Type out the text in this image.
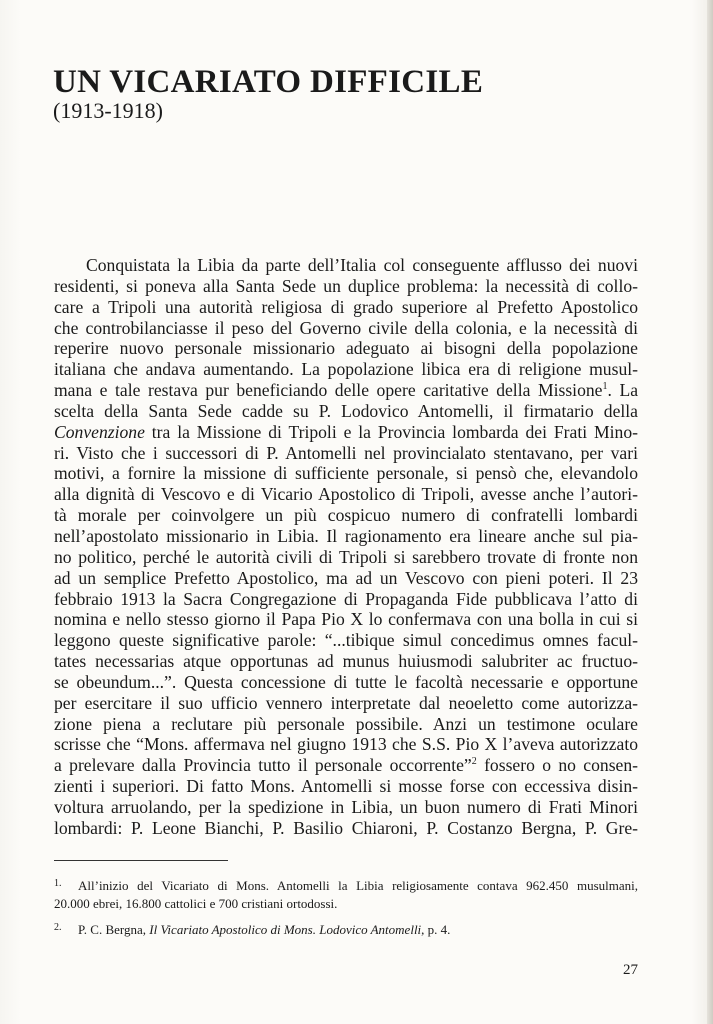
UN VICARIATO DIFFICILE
(1913-1918)
Conquistata la Libia da parte dell’Italia col conseguente afflusso dei nuovi
residenti, si poneva alla Santa Sede un duplice problema: la necessità di collo-
care a Tripoli una autorità religiosa di grado superiore al Prefetto Apostolico
che controbilanciasse il peso del Governo civile della colonia, e la necessità di
reperire nuovo personale missionario adeguato ai bisogni della popolazione
italiana che andava aumentando. La popolazione libica era di religione musul-
mana e tale restava pur beneficiando delle opere caritative della Missione$^1$. La
scelta della Santa Sede cadde su P. Lodovico Antomelli, il firmatario della
Convenzione tra la Missione di Tripoli e la Provincia lombarda dei Frati Mino-
ri. Visto che i successori di P. Antomelli nel provincialato stentavano, per vari
motivi, a fornire la missione di sufficiente personale, si pensò che, elevandolo
alla dignità di Vescovo e di Vicario Apostolico di Tripoli, avesse anche l’autori-
tà morale per coinvolgere un più cospicuo numero di confratelli lombardi
nell’apostolato missionario in Libia. Il ragionamento era lineare anche sul pia-
no politico, perché le autorità civili di Tripoli si sarebbero trovate di fronte non
ad un semplice Prefetto Apostolico, ma ad un Vescovo con pieni poteri. Il 23
febbraio 1913 la Sacra Congregazione di Propaganda Fide pubblicava l’atto di
nomina e nello stesso giorno il Papa Pio X lo confermava con una bolla in cui si
leggono queste significative parole: “...tibique simul concedimus omnes facul-
tates necessarias atque opportunas ad munus huiusmodi salubriter ac fructuo-
se obeundum...”. Questa concessione di tutte le facoltà necessarie e opportune
per esercitare il suo ufficio vennero interpretate dal neoeletto come autorizza-
zione piena a reclutare più personale possibile. Anzi un testimone oculare
scrisse che “Mons. affermava nel giugno 1913 che S.S. Pio X l’aveva autorizzato
a prelevare dalla Provincia tutto il personale occorrente”$^2$ fossero o no consen-
zienti i superiori. Di fatto Mons. Antomelli si mosse forse con eccessiva disin-
voltura arruolando, per la spedizione in Libia, un buon numero di Frati Minori
lombardi: P. Leone Bianchi, P. Basilio Chiaroni, P. Costanzo Bergna, P. Gre-
1. All’inizio del Vicariato di Mons. Antomelli la Libia religiosamente contava 962.450 musulmani,
20.000 ebrei, 16.800 cattolici e 700 cristiani ortodossi.
2. P. C. Bergna, Il Vicariato Apostolico di Mons. Lodovico Antomelli, p. 4.
27
